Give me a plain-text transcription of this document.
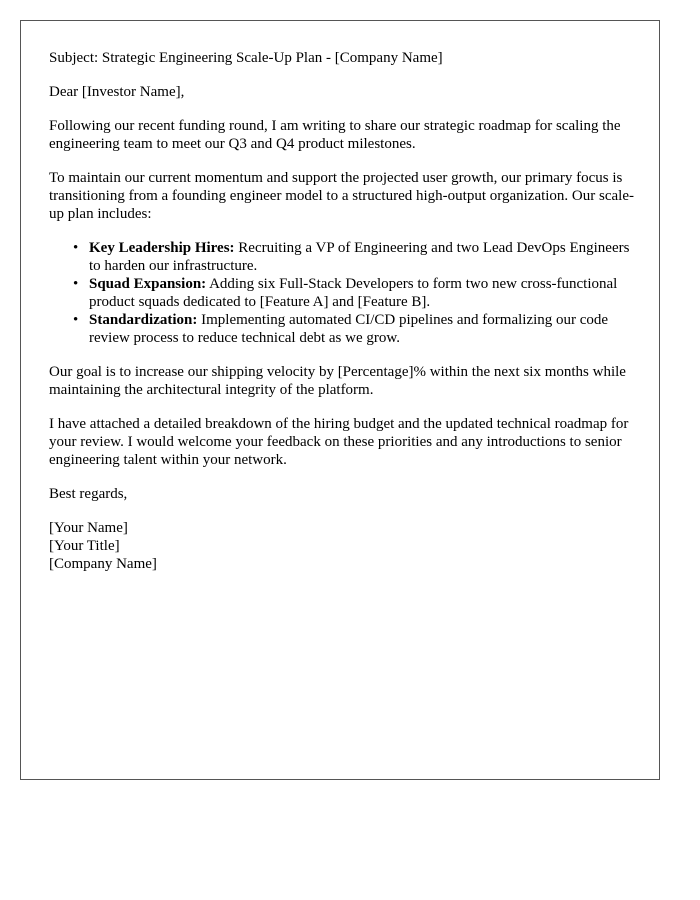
Subject: Strategic Engineering Scale-Up Plan - [Company Name]

Dear [Investor Name],

Following our recent funding round, I am writing to share our strategic roadmap for scaling the engineering team to meet our Q3 and Q4 product milestones.

To maintain our current momentum and support the projected user growth, our primary focus is transitioning from a founding engineer model to a structured high-output organization. Our scale-up plan includes:

• Key Leadership Hires: Recruiting a VP of Engineering and two Lead DevOps Engineers to harden our infrastructure.
• Squad Expansion: Adding six Full-Stack Developers to form two new cross-functional product squads dedicated to [Feature A] and [Feature B].
• Standardization: Implementing automated CI/CD pipelines and formalizing our code review process to reduce technical debt as we grow.

Our goal is to increase our shipping velocity by [Percentage]% within the next six months while maintaining the architectural integrity of the platform.

I have attached a detailed breakdown of the hiring budget and the updated technical roadmap for your review. I would welcome your feedback on these priorities and any introductions to senior engineering talent within your network.

Best regards,

[Your Name]
[Your Title]
[Company Name]
